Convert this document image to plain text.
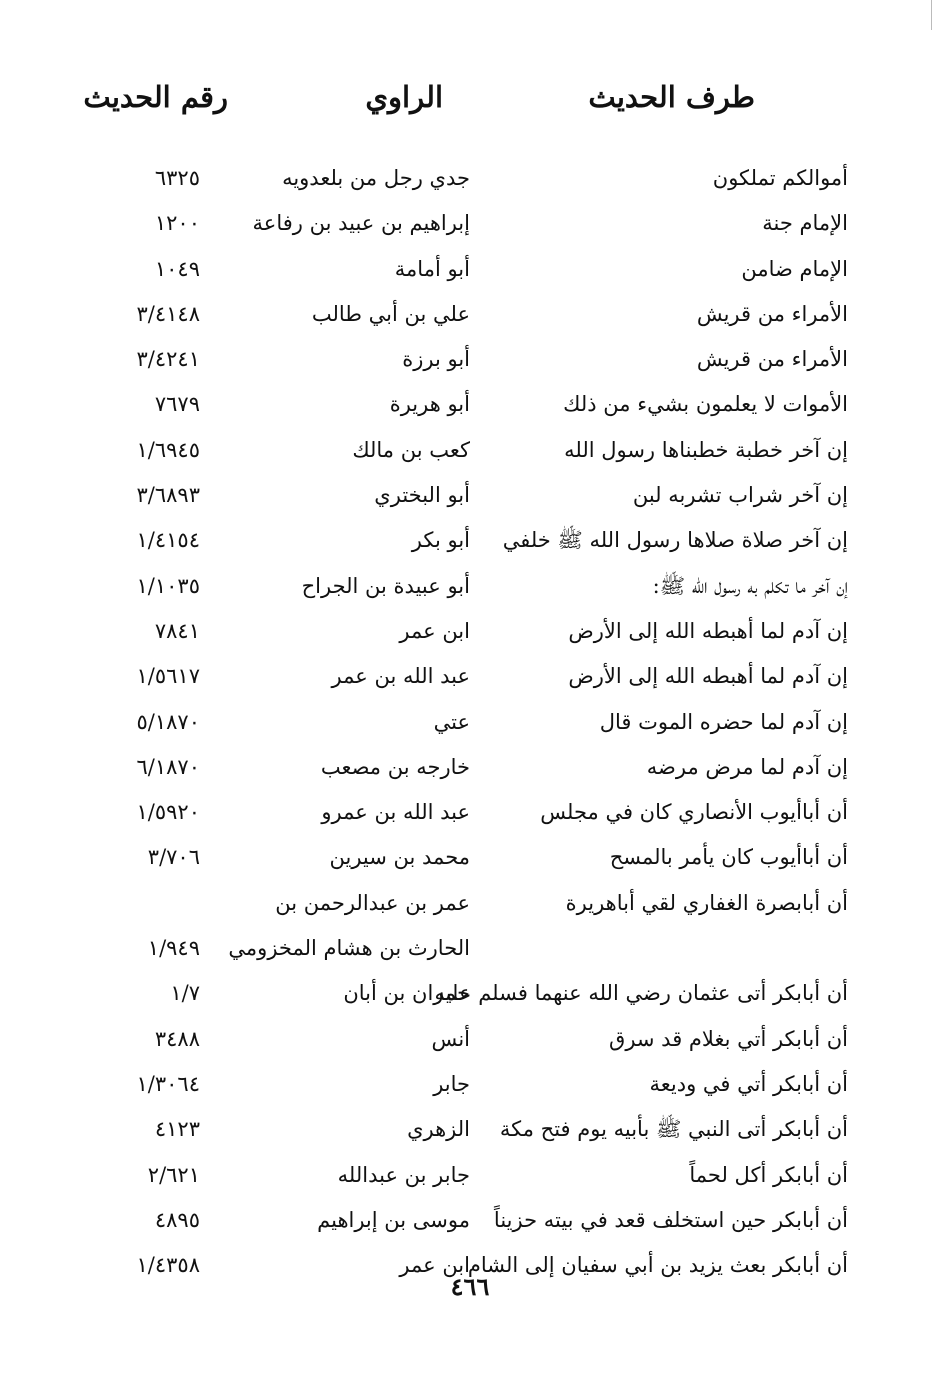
طرف الحديث
الراوي
رقم الحديث
أموالكم تملكون
جدي رجل من بلعدويه
٦٣٢٥
الإمام جنة
إبراهيم بن عبيد بن رفاعة
١٢٠٠
الإمام ضامن
أبو أمامة
١٠٤٩
الأمراء من قريش
علي بن أبي طالب
٣/٤١٤٨
الأمراء من قريش
أبو برزة
٣/٤٢٤١
الأموات لا يعلمون بشيء من ذلك
أبو هريرة
٧٦٧٩
إن آخر خطبة خطبناها رسول الله
كعب بن مالك
١/٦٩٤٥
إن آخر شراب تشربه لبن
أبو البختري
٣/٦٨٩٣
إن آخر صلاة صلاها رسول الله ﷺ خلفي
أبو بكر
١/٤١٥٤
إن آخر ما تكلم به رسول الله ﷺ:
أبو عبيدة بن الجراح
١/١٠٣٥
إن آدم لما أهبطه الله إلى الأرض
ابن عمر
٧٨٤١
إن آدم لما أهبطه الله إلى الأرض
عبد الله بن عمر
١/٥٦١٧
إن آدم لما حضره الموت قال
عتي
٥/١٨٧٠
إن آدم لما مرض مرضه
خارجه بن مصعب
٦/١٨٧٠
أن أباأيوب الأنصاري كان في مجلس
عبد الله بن عمرو
١/٥٩٢٠
أن أباأيوب كان يأمر بالمسح
محمد بن سيرين
٣/٧٠٦
أن أبابصرة الغفاري لقي أباهريرة
عمر بن عبدالرحمن بن
الحارث بن هشام المخزومي
١/٩٤٩
أن أبابكر أتى عثمان رضي الله عنهما فسلم عليه
حمران بن أبان
١/٧
أن أبابكر أتي بغلام قد سرق
أنس
٣٤٨٨
أن أبابكر أتي في وديعة
جابر
١/٣٠٦٤
أن أبابكر أتى النبي ﷺ بأبيه يوم فتح مكة
الزهري
٤١٢٣
أن أبابكر أكل لحماً
جابر بن عبدالله
٢/٦٢١
أن أبابكر حين استخلف قعد في بيته حزيناً
موسى بن إبراهيم
٤٨٩٥
أن أبابكر بعث يزيد بن أبي سفيان إلى الشام
ابن عمر
١/٤٣٥٨
٤٦٦
